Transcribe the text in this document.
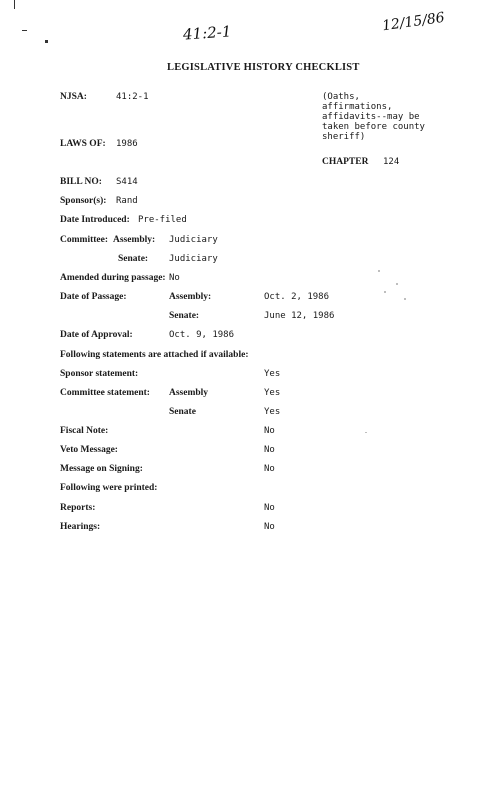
41:2-1	12/15/86
LEGISLATIVE HISTORY CHECKLIST
NJSA:	41:2-1	(Oaths, affirmations, affidavits--may be taken before county sheriff)
LAWS OF: 1986
CHAPTER 124
BILL NO: S414
Sponsor(s): Rand
Date Introduced: Pre-filed
Committee: Assembly: Judiciary
Senate: Judiciary
Amended during passage: No
Date of Passage:	Assembly:	Oct. 2, 1986
Senate:	June 12, 1986
Date of Approval:	Oct. 9, 1986
Following statements are attached if available:
Sponsor statement:	Yes
Committee statement: Assembly	Yes
Senate	Yes
Fiscal Note:	No
Veto Message:	No
Message on Signing:	No
Following were printed:
Reports:	No
Hearings:	No
